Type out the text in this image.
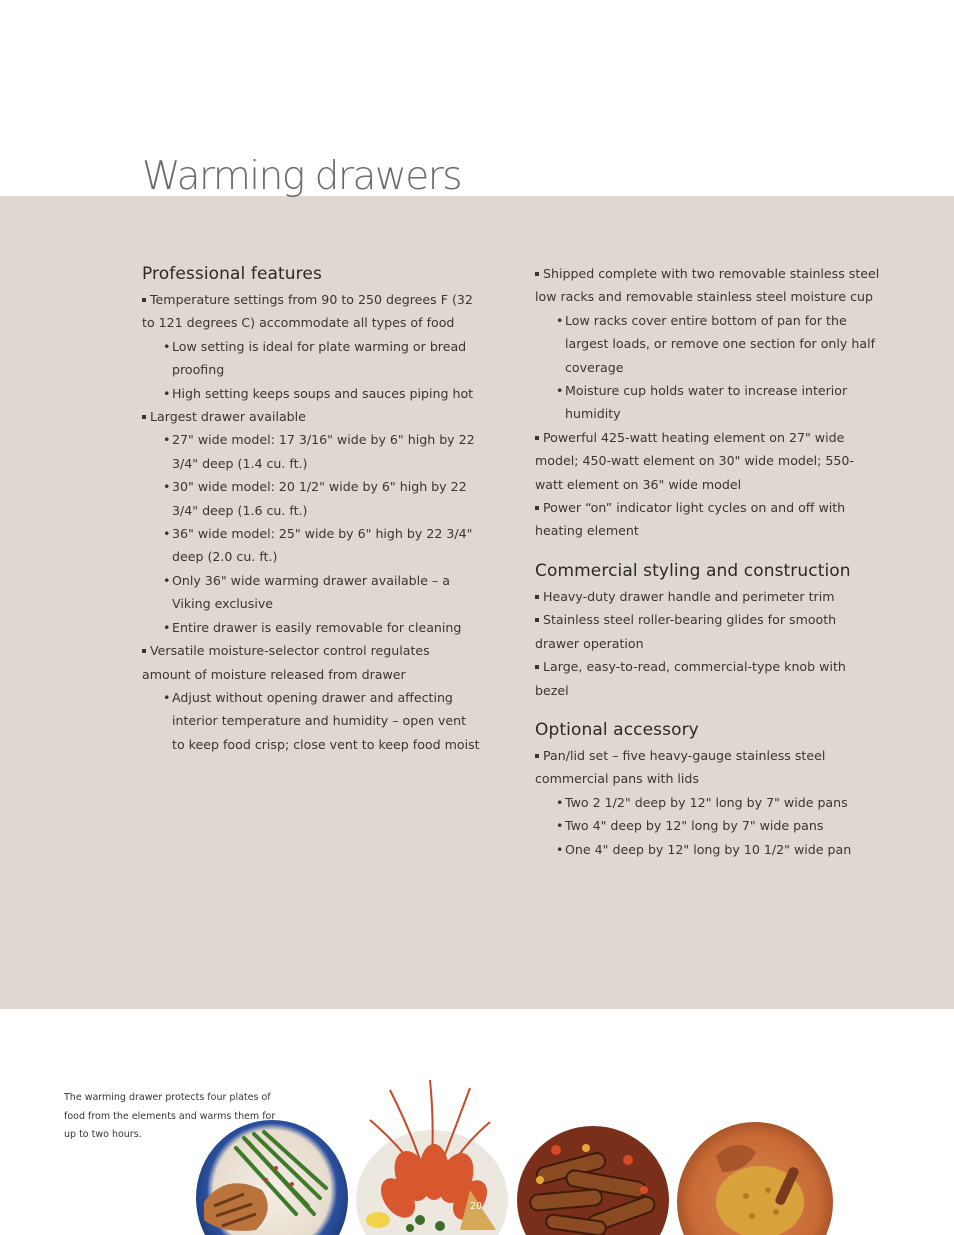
Warming drawers
Professional features
Temperature settings from 90 to 250 degrees F (32 to 121 degrees C) accommodate all types of food
• Low setting is ideal for plate warming or bread proofing
• High setting keeps soups and sauces piping hot
Largest drawer available
• 27" wide model: 17 3/16" wide by 6" high by 22 3/4" deep (1.4 cu. ft.)
• 30" wide model: 20 1/2" wide by 6" high by 22 3/4" deep (1.6 cu. ft.)
• 36" wide model: 25" wide by 6" high by 22 3/4" deep (2.0 cu. ft.)
• Only 36" wide warming drawer available – a Viking exclusive
• Entire drawer is easily removable for cleaning
Versatile moisture-selector control regulates amount of moisture released from drawer
• Adjust without opening drawer and affecting interior temperature and humidity – open vent to keep food crisp; close vent to keep food moist
Shipped complete with two removable stainless steel low racks and removable stainless steel moisture cup
• Low racks cover entire bottom of pan for the largest loads, or remove one section for only half coverage
• Moisture cup holds water to increase interior humidity
Powerful 425-watt heating element on 27" wide model; 450-watt element on 30" wide model; 550-watt element on 36" wide model
Power “on” indicator light cycles on and off with heating element
Commercial styling and construction
Heavy-duty drawer handle and perimeter trim
Stainless steel roller-bearing glides for smooth drawer operation
Large, easy-to-read, commercial-type knob with bezel
Optional accessory
Pan/lid set – five heavy-gauge stainless steel commercial pans with lids
• Two 2 1/2" deep by 12" long by 7" wide pans
• Two 4" deep by 12" long by 7" wide pans
• One 4" deep by 12" long by 10 1/2" wide pan

The warming drawer protects four plates of food from the elements and warms them for up to two hours.

20
